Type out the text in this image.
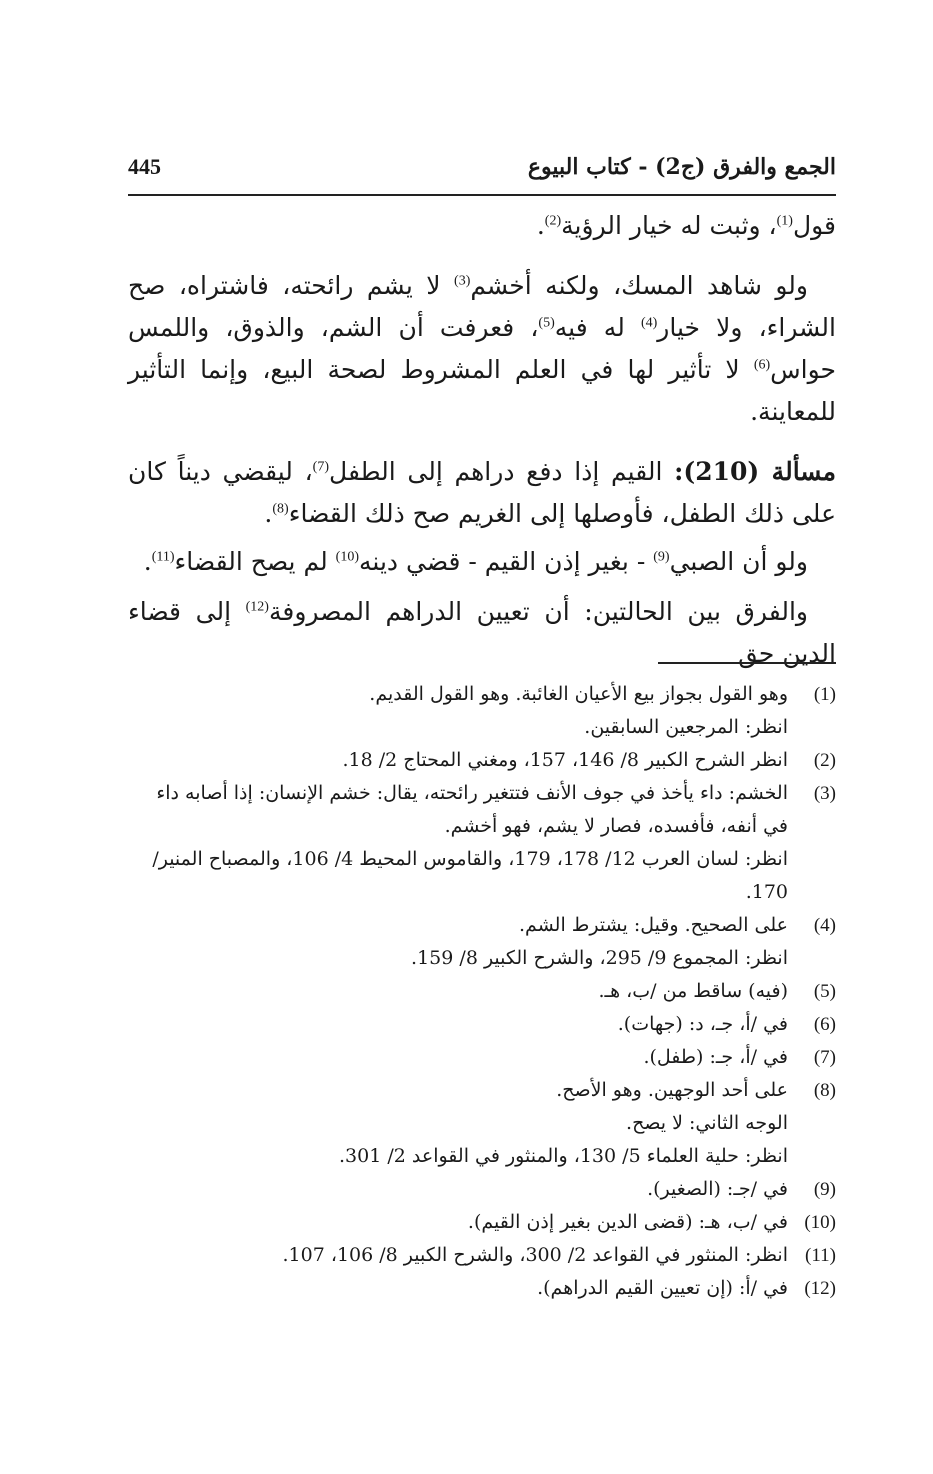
الجمع والفرق (ج2) - كتاب البيوع
445

قول$^{(1)}$، وثبت له خيار الرؤية$^{(2)}$.

ولو شاهد المسك، ولكنه أخشم$^{(3)}$ لا يشم رائحته، فاشتراه، صح الشراء، ولا خيار$^{(4)}$ له فيه$^{(5)}$، فعرفت أن الشم، والذوق، واللمس حواس$^{(6)}$ لا تأثير لها في العلم المشروط لصحة البيع، وإنما التأثير للمعاينة.

مسألة (210): القيم إذا دفع دراهم إلى الطفل$^{(7)}$، ليقضي ديناً كان على ذلك الطفل، فأوصلها إلى الغريم صح ذلك القضاء$^{(8)}$.

ولو أن الصبي$^{(9)}$ - بغير إذن القيم - قضي دينه$^{(10)}$ لم يصح القضاء$^{(11)}$.

والفرق بين الحالتين: أن تعيين الدراهم المصروفة$^{(12)}$ إلى قضاء الدين حق

(1)
وهو القول بجواز بيع الأعيان الغائبة. وهو القول القديم.
انظر: المرجعين السابقين.
(2)
انظر الشرح الكبير 8/ 146، 157، ومغني المحتاج 2/ 18.
(3)
الخشم: داء يأخذ في جوف الأنف فتتغير رائحته، يقال: خشم الإنسان: إذا أصابه داء في أنفه، فأفسده، فصار لا يشم، فهو أخشم.
انظر: لسان العرب 12/ 178، 179، والقاموس المحيط 4/ 106، والمصباح المنير/ 170.
(4)
على الصحيح. وقيل: يشترط الشم.
انظر: المجموع 9/ 295، والشرح الكبير 8/ 159.
(5)
(فيه) ساقط من /ب، هـ.
(6)
في /أ، جـ، د: (جهات).
(7)
في /أ، جـ: (طفل).
(8)
على أحد الوجهين. وهو الأصح.
الوجه الثاني: لا يصح.
انظر: حلية العلماء 5/ 130، والمنثور في القواعد 2/ 301.
(9)
في /جـ: (الصغير).
(10)
في /ب، هـ: (قضى الدين بغير إذن القيم).
(11)
انظر: المنثور في القواعد 2/ 300، والشرح الكبير 8/ 106، 107.
(12)
في /أ: (إن تعيين القيم الدراهم).
